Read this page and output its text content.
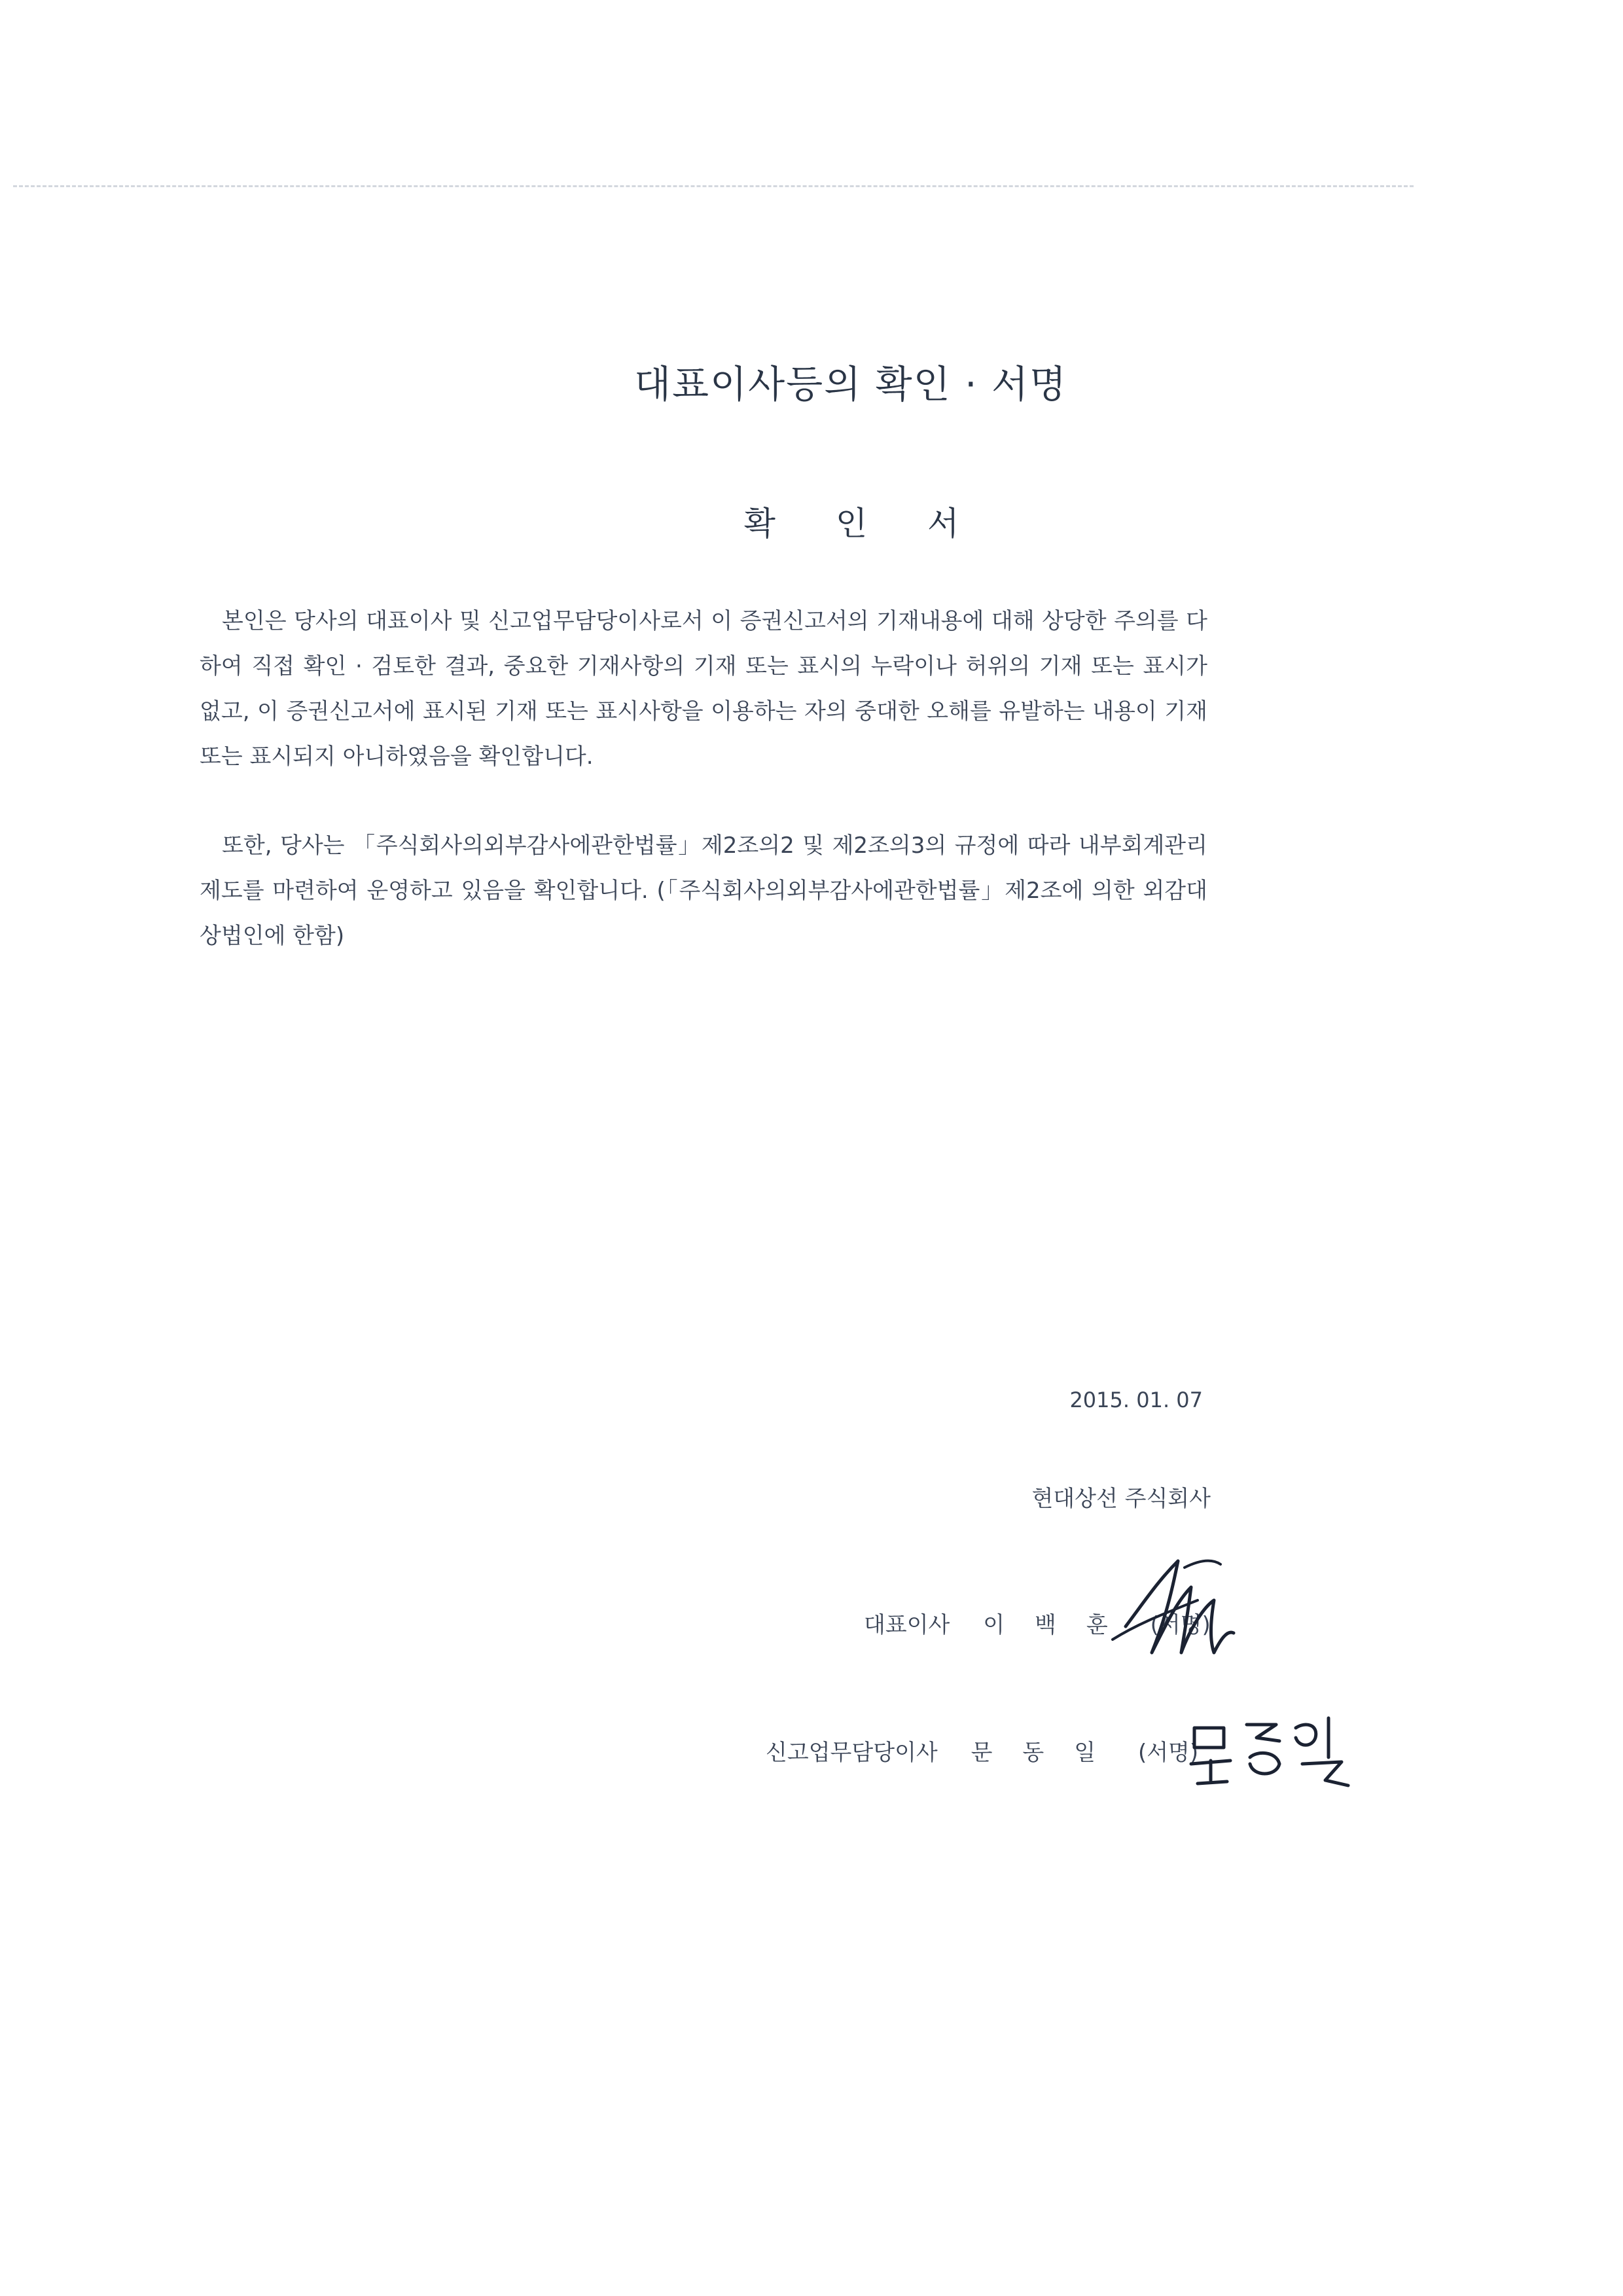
대표이사등의 확인 · 서명
확 인 서

본인은 당사의 대표이사 및 신고업무담당이사로서 이 증권신고서의 기재내용에 대해 상당한 주의를 다하여 직접 확인 · 검토한 결과, 중요한 기재사항의 기재 또는 표시의 누락이나 허위의 기재 또는 표시가 없고, 이 증권신고서에 표시된 기재 또는 표시사항을 이용하는 자의 중대한 오해를 유발하는 내용이 기재 또는 표시되지 아니하였음을 확인합니다.

또한, 당사는 「주식회사의외부감사에관한법률」제2조의2 및 제2조의3의 규정에 따라 내부회계관리제도를 마련하여 운영하고 있음을 확인합니다. (「주식회사의외부감사에관한법률」제2조에 의한 외감대상법인에 한함)

2015. 01. 07
현대상선 주식회사
대표이사 이백훈 (서명)
신고업무담당이사 문동일 (서명)
